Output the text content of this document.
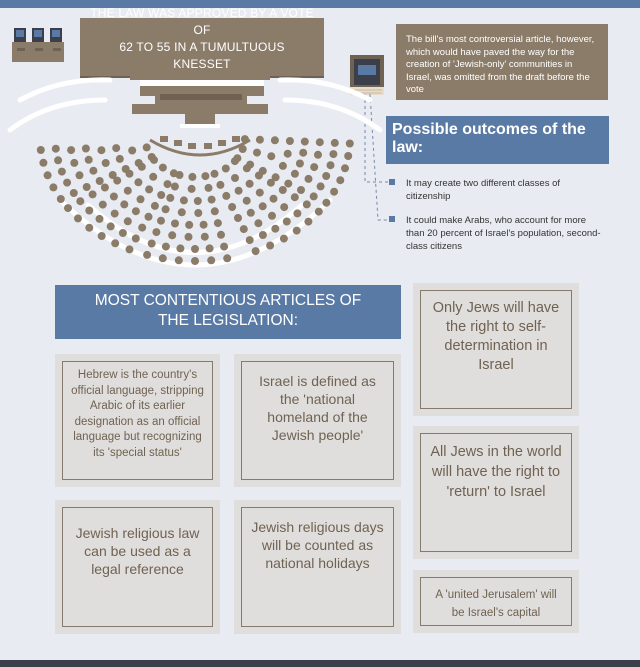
THE LAW WAS APPROVED BY A VOTE OF
62 TO 55 IN A TUMULTUOUS KNESSET

The bill's most controversial article, however, which would have paved the way for the creation of 'Jewish-only' communities in Israel, was omitted from the draft before the vote
Possible outcomes of the law:
It may create two different classes of citizenship
It could make Arabs, who account for more than 20 percent of Israel's population, second-class citizens
MOST CONTENTIOUS ARTICLES OF
THE LEGISLATION:
Only Jews will have the right to self-determination in Israel
Hebrew is the country's official language, stripping Arabic of its earlier designation as an official language but recognizing its 'special status'
Israel is defined as the 'national homeland of the Jewish people'
All Jews in the world will have the right to 'return' to Israel
Jewish religious law can be used as a legal reference
Jewish religious days will be counted as national holidays
A 'united Jerusalem' will be Israel's capital
